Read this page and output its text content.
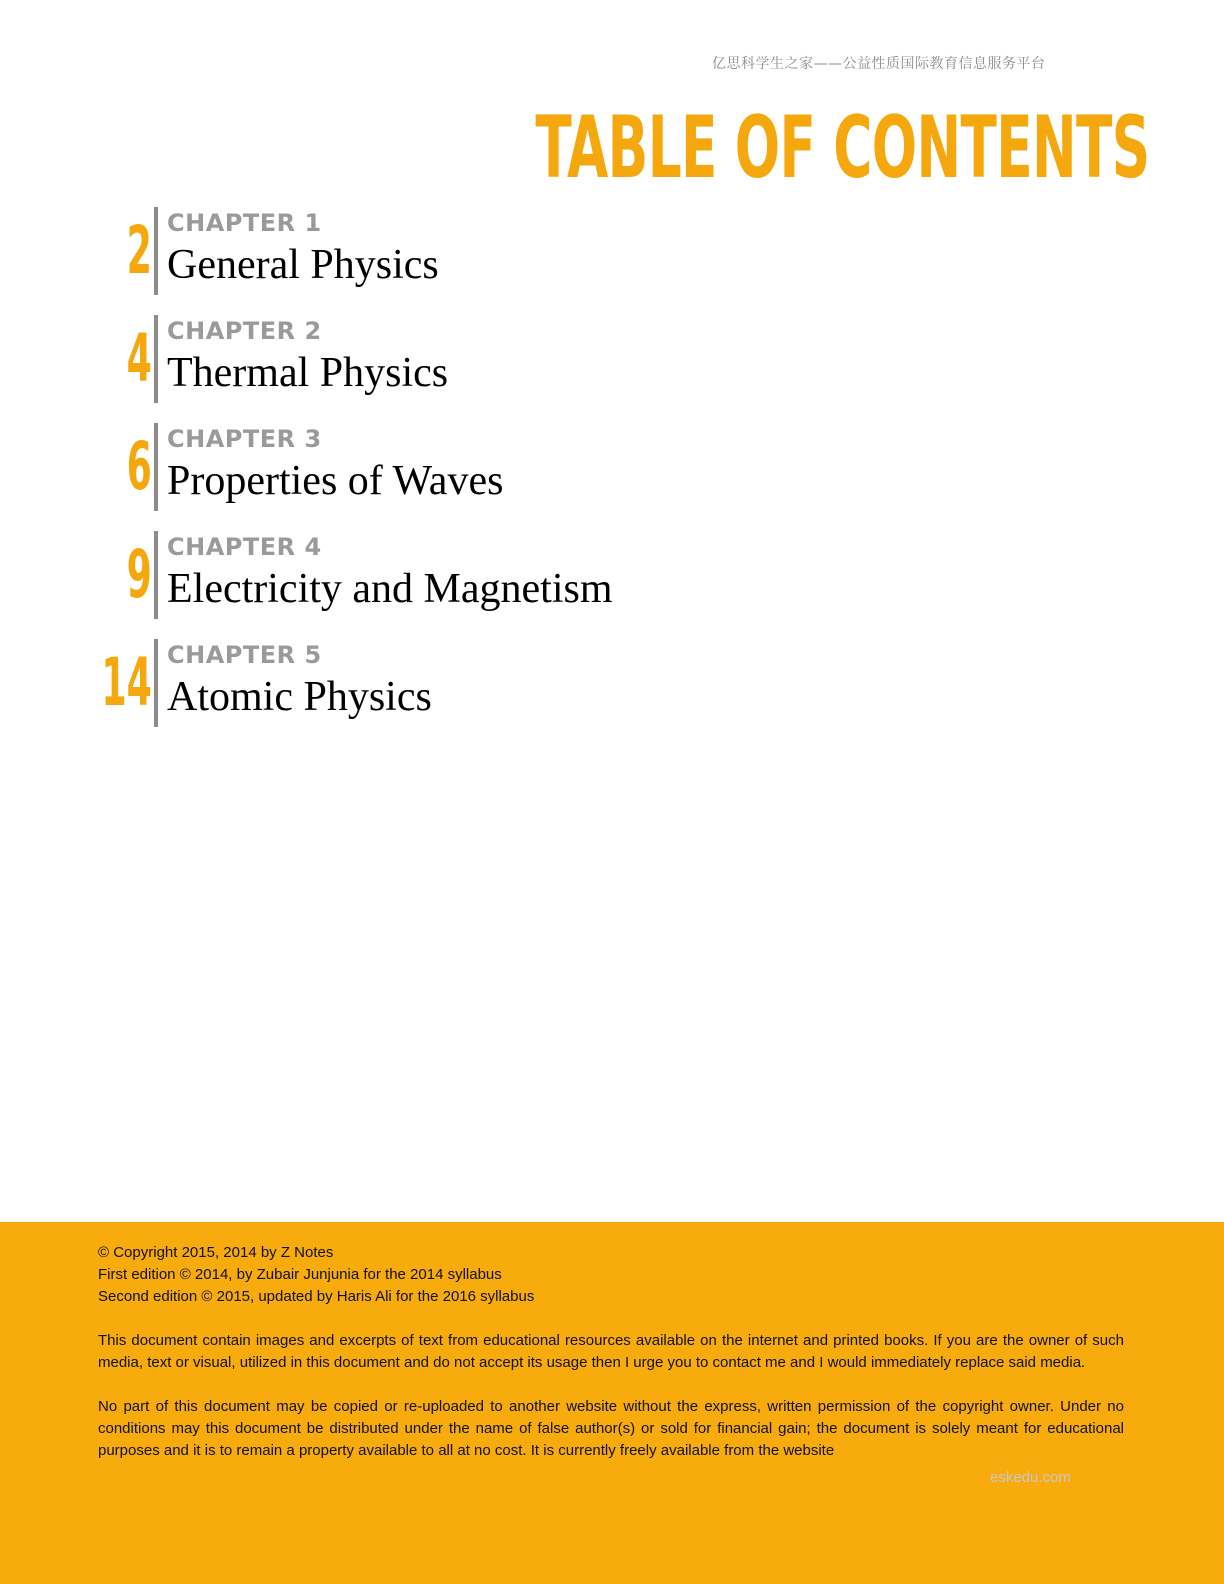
亿思科学生之家——公益性质国际教育信息服务平台
TABLE OF CONTENTS
2 CHAPTER 1
General Physics
4 CHAPTER 2
Thermal Physics
6 CHAPTER 3
Properties of Waves
9 CHAPTER 4
Electricity and Magnetism
14 CHAPTER 5
Atomic Physics

© Copyright 2015, 2014 by Z Notes

First edition © 2014, by Zubair Junjunia for the 2014 syllabus

Second edition © 2015, updated by Haris Ali for the 2016 syllabus

This document contain images and excerpts of text from educational resources available on the internet and printed books. If you are the owner of such media, text or visual, utilized in this document and do not accept its usage then I urge you to contact me and I would immediately replace said media.

No part of this document may be copied or re-uploaded to another website without the express, written permission of the copyright owner. Under no conditions may this document be distributed under the name of false author(s) or sold for financial gain; the document is solely meant for educational purposes and it is to remain a property available to all at no cost. It is currently freely available from the website

eskedu.com
